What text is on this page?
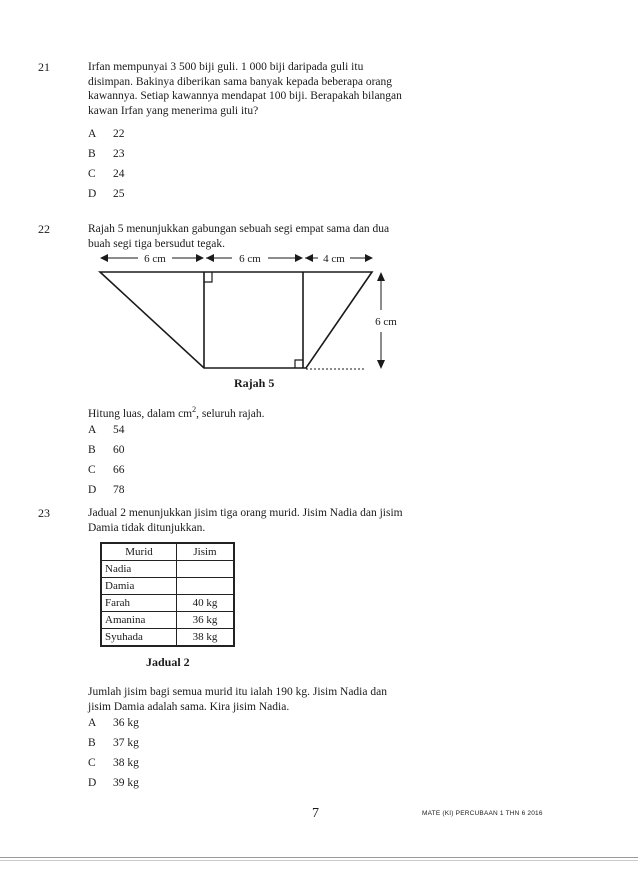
21	Irfan mempunyai 3 500 biji guli. 1 000 biji daripada guli itu
disimpan. Bakinya diberikan sama banyak kepada beberapa orang
kawannya. Setiap kawannya mendapat 100 biji. Berapakah bilangan
kawan Irfan yang menerima guli itu?
A 22
B 23
C 24
D 25
22	Rajah 5 menunjukkan gabungan sebuah segi empat sama dan dua
buah segi tiga bersudut tegak.
6 cm	6 cm	4 cm
6 cm
Rajah 5
Hitung luas, dalam $cm^2$, seluruh rajah.
A 54
B 60
C 66
D 78
23	Jadual 2 menunjukkan jisim tiga orang murid. Jisim Nadia dan jisim
Damia tidak ditunjukkan.
Murid	Jisim
Nadia	
Damia	
Farah	40 kg
Amanina	36 kg
Syuhada	38 kg
Jadual 2
Jumlah jisim bagi semua murid itu ialah 190 kg. Jisim Nadia dan
jisim Damia adalah sama. Kira jisim Nadia.
A 36 kg
B 37 kg
C 38 kg
D 39 kg
7	MATE (KI) PERCUBAAN 1 THN 6 2016
